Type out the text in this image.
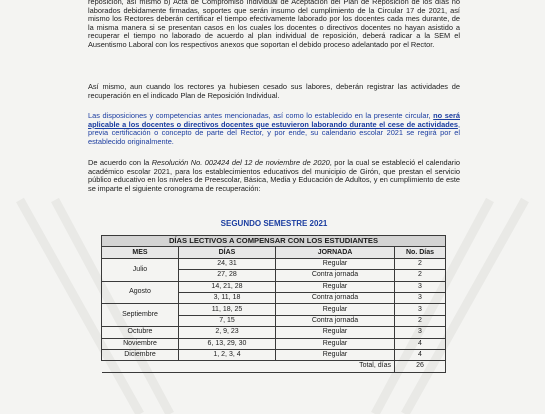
reposición, así mismo b) Acta de Compromiso Individual de Aceptación del Plan de Reposición de los días no laborados debidamente firmadas, soportes que serán insumo del cumplimiento de la Circular 17 de 2021, así mismo los Rectores deberán certificar el tiempo efectivamente laborado por los docentes cada mes durante, de la misma manera si se presentan casos en los cuales los docentes o directivos docentes no hayan asistido a recuperar el tiempo no laborado de acuerdo al plan individual de reposición, deberá radicar a la SEM el Ausentismo Laboral con los respectivos anexos que soportan el debido proceso adelantado por el Rector.

Así mismo, aun cuando los rectores ya hubiesen cesado sus labores, deberán registrar las actividades de recuperación en el indicado Plan de Reposición Individual.

Las disposiciones y competencias antes mencionadas, así como lo establecido en la presente circular, no será aplicable a los docentes o directivos docentes que estuvieron laborando durante el cese de actividades, previa certificación o concepto de parte del Rector, y por ende, su calendario escolar 2021 se regirá por el establecido originalmente.

De acuerdo con la Resolución No. 002424 del 12 de noviembre de 2020, por la cual se estableció el calendario académico escolar 2021, para los establecimientos educativos del municipio de Girón, que prestan el servicio público educativo en los niveles de Preescolar, Básica, Media y Educación de Adultos, y en cumplimiento de este se imparte el siguiente cronograma de recuperación:

SEGUNDO SEMESTRE 2021
DÍAS LECTIVOS A COMPENSAR CON LOS ESTUDIANTES			
MES	DÍAS	JORNADA	No. Días
Julio	24, 31	Regular	2
	27, 28	Contra jornada	2
Agosto	14, 21, 28	Regular	3
	3, 11, 18	Contra jornada	3
Septiembre	11, 18, 25	Regular	3
	7, 15	Contra jornada	2
Octubre	2, 9, 23	Regular	3
Noviembre	6, 13, 29, 30	Regular	4
Diciembre	1, 2, 3, 4	Regular	4
Total, días			26
